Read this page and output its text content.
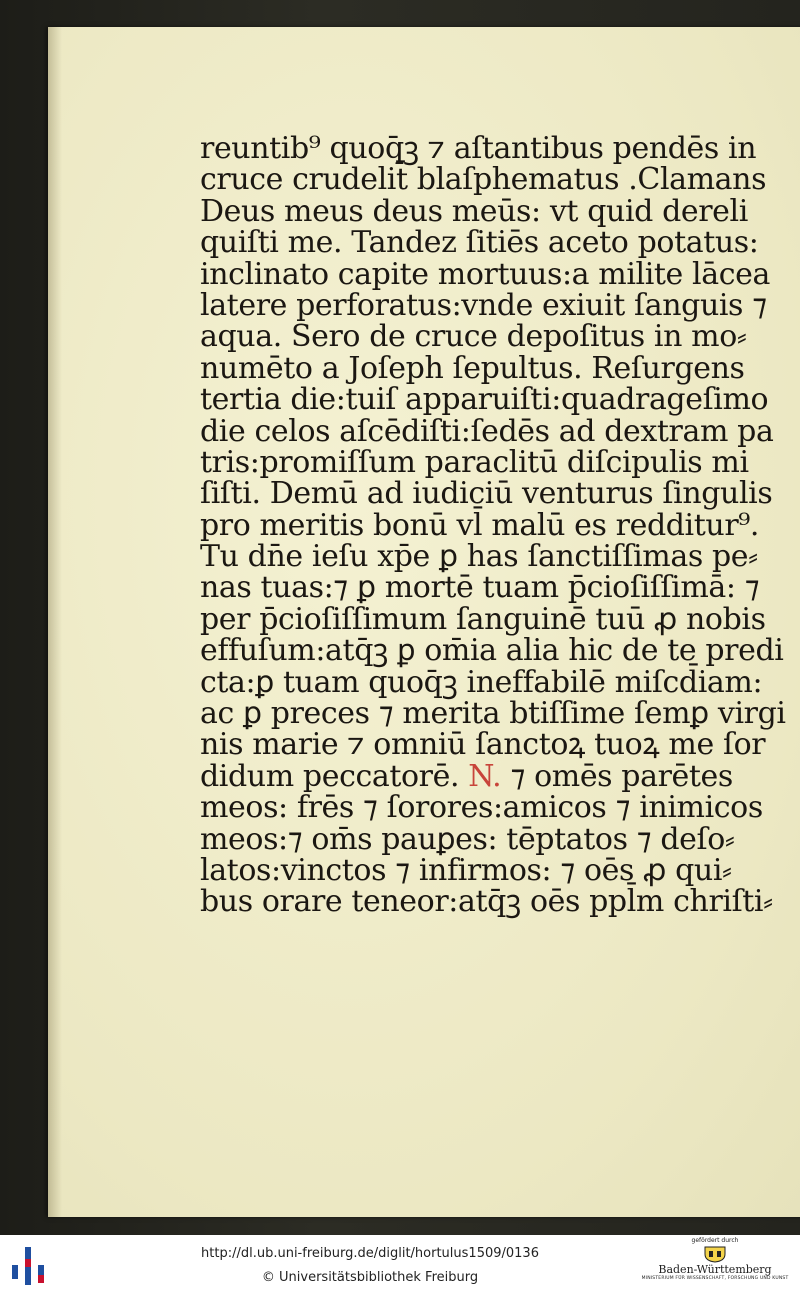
reuntib⁹ quoq̄ꝫ ⁊ aſtantibus pendēs in
cruce crudelit̄ blaſphematus .Clamans
Deus meus deus meūs: vt quid dereli
quiſti me. Tandez ſitiēs aceto potatus:
inclinato capite mortuus:a milite lācea
latere perforatus:vnde exiuit ſanguis ⁊
aqua. Sero de cruce depoſitus in mo⸗
numēto a Joſeph ſepultus. Reſurgens
tertia die:tuiſ apparuiſti:quadrageſimo
die celos aſcēdiſti:ſedēs ad dextram pa
tris:promiſſum paraclitū diſcipulis mi
ſiſti. Demū ad iudiciū venturus ſingulis
pro meritis bonū vl̄ malū es redditur⁹.
Tu dn̄e ieſu xp̄e ꝑ has ſanctiſſimas pe⸗
nas tuas:⁊ ꝑ mortē tuam p̄cioſiſſimā: ⁊
per p̄cioſiſſimum ſanguinē tuū ꝓ nobis
effuſum:atq̄ꝫ ꝑ om̄ia alia hic de te predi
cta:ꝑ tuam quoq̄ꝫ ineffabilē miſcd̄iam:
ac ꝑ preces ⁊ merita btiſſime ſemꝑ virgi
nis marie ⁊ omniū ſanctoꝝ tuoꝝ me ſor
didum peccatorē. N. ⁊ omēs parētes
meos: frēs ⁊ ſorores:amicos ⁊ inimicos
meos:⁊ om̄s pauꝑes: tēptatos ⁊ deſo⸗
latos:vinctos ⁊ infirmos: ⁊ oēs ꝓ qui⸗
bus orare teneor:atq̄ꝫ oēs ppl̄m chriſti⸗
http://dl.ub.uni-freiburg.de/diglit/hortulus1509/0136
© Universitätsbibliothek Freiburg
gefördert durch
Baden-Württemberg
MINISTERIUM FÜR WISSENSCHAFT, FORSCHUNG UND KUNST
